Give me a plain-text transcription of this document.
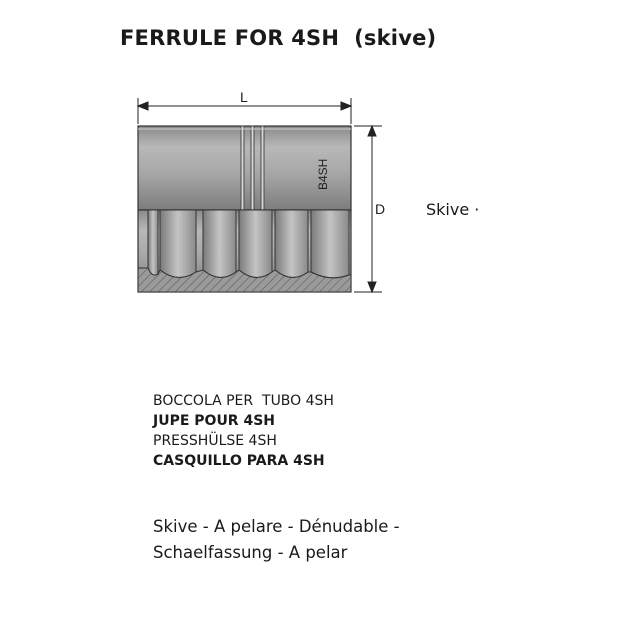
FERRULE FOR 4SH  (skive)
B4SH
L
D	Skive ·
BOCCOLA PER  TUBO 4SH
JUPE POUR 4SH
PRESSHÜLSE 4SH
CASQUILLO PARA 4SH
Skive - A pelare - Dénudable -
Schaelfassung - A pelar
